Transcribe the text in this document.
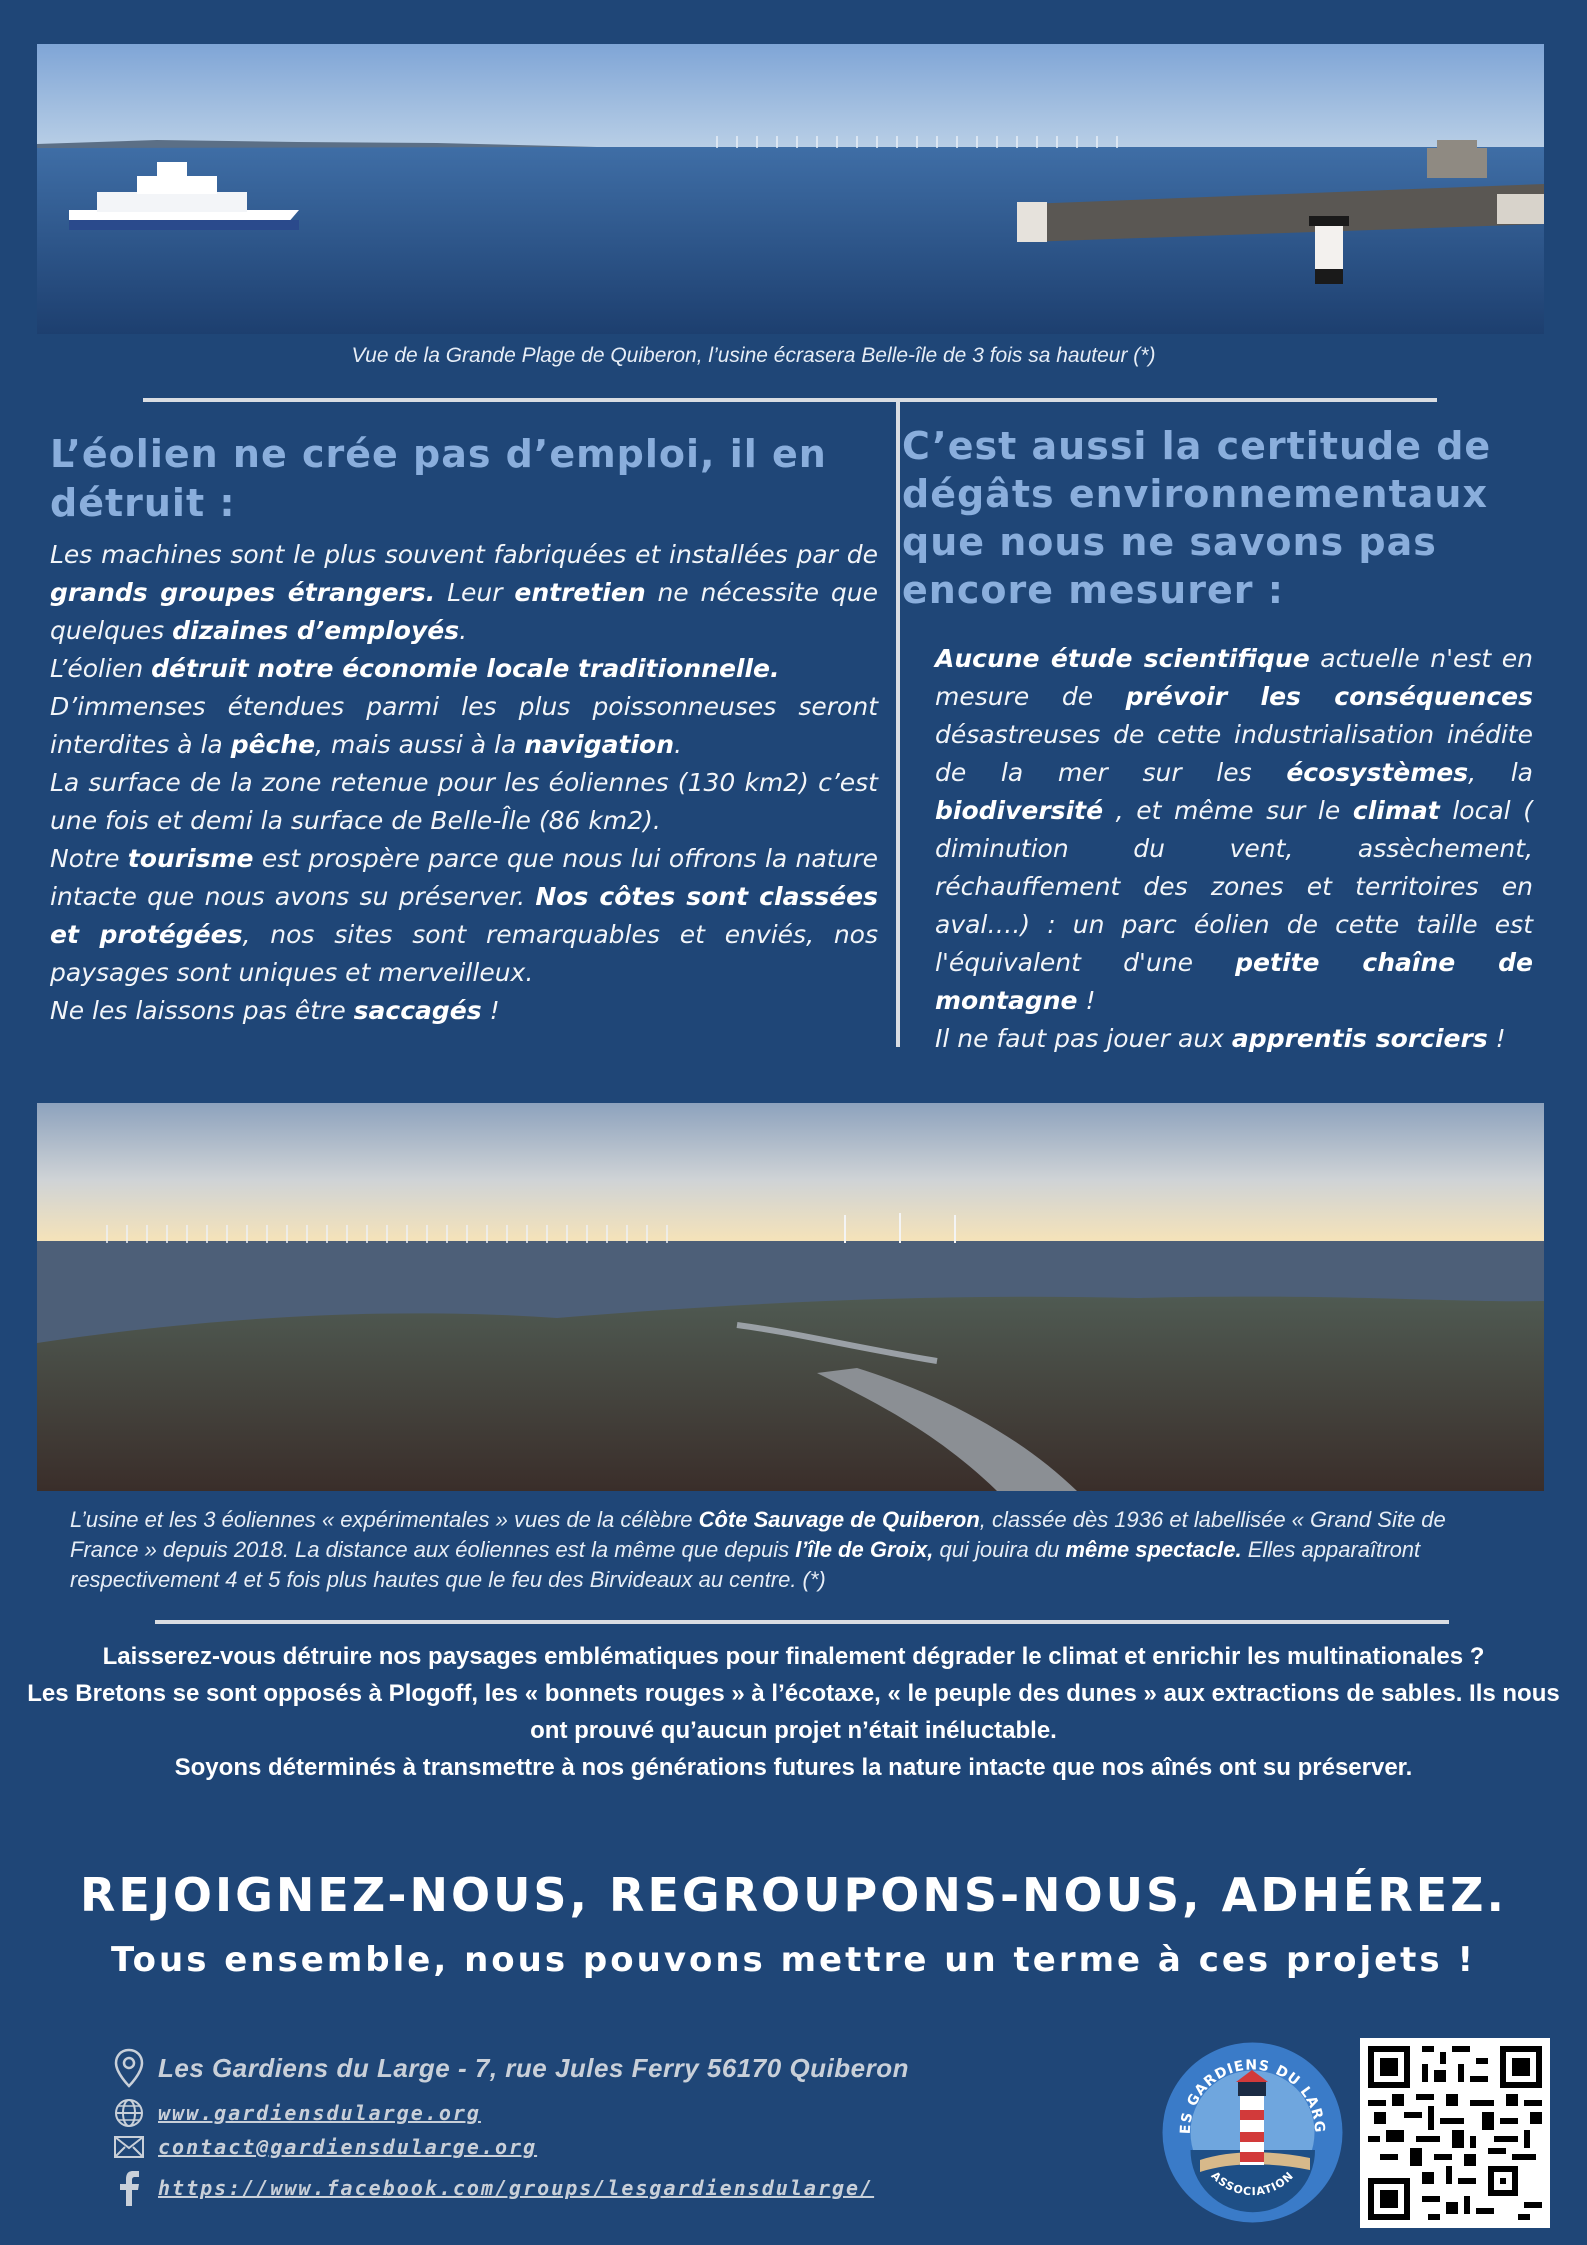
Vue de la Grande Plage de Quiberon, l’usine écrasera Belle-île de 3 fois sa hauteur (*)
L’éolien ne crée pas d’emploi, il en détruit :

Les machines sont le plus souvent fabriquées et installées par de grands groupes étrangers. Leur entretien ne nécessite que quelques dizaines d’employés.
L’éolien détruit notre économie locale traditionnelle.
D’immenses étendues parmi les plus poissonneuses seront interdites à la pêche, mais aussi à la navigation.
La surface de la zone retenue pour les éoliennes (130 km2) c’est une fois et demi la surface de Belle-Île (86 km2).
Notre tourisme est prospère parce que nous lui offrons la nature intacte que nous avons su préserver. Nos côtes sont classées et protégées, nos sites sont remarquables et enviés, nos paysages sont uniques et merveilleux.
Ne les laissons pas être saccagés !

C’est aussi la certitude de dégâts environnementaux que nous ne savons pas encore mesurer :

Aucune étude scientifique actuelle n'est en mesure de prévoir les conséquences désastreuses de cette industrialisation inédite de la mer sur les écosystèmes, la biodiversité , et même sur le climat local ( diminution du vent, assèchement, réchauffement des zones et territoires en aval….) : un parc éolien de cette taille est l'équivalent d'une petite chaîne de montagne !
Il ne faut pas jouer aux apprentis sorciers !

L’usine et les 3 éoliennes « expérimentales » vues de la célèbre Côte Sauvage de Quiberon, classée dès 1936 et labellisée « Grand Site de France » depuis 2018. La distance aux éoliennes est la même que depuis l’île de Groix, qui jouira du même spectacle. Elles apparaîtront respectivement 4 et 5 fois plus hautes que le feu des Birvideaux au centre. (*)
Laisserez-vous détruire nos paysages emblématiques pour finalement dégrader le climat et enrichir les multinationales ?
Les Bretons se sont opposés à Plogoff, les « bonnets rouges » à l’écotaxe, « le peuple des dunes » aux extractions de sables. Ils nous ont prouvé qu’aucun projet n’était inéluctable.
Soyons déterminés à transmettre à nos générations futures la nature intacte que nos aînés ont su préserver.
REJOIGNEZ-NOUS, REGROUPONS-NOUS, ADHÉREZ.
Tous ensemble, nous pouvons mettre un terme à ces projets !
Les Gardiens du Large - 7, rue Jules Ferry 56170 Quiberon
www.gardiensdularge.org
contact@gardiensdularge.org
https://www.facebook.com/groups/lesgardiensdularge/
ES GARDIENS DU LARG
ASSOCIATION
